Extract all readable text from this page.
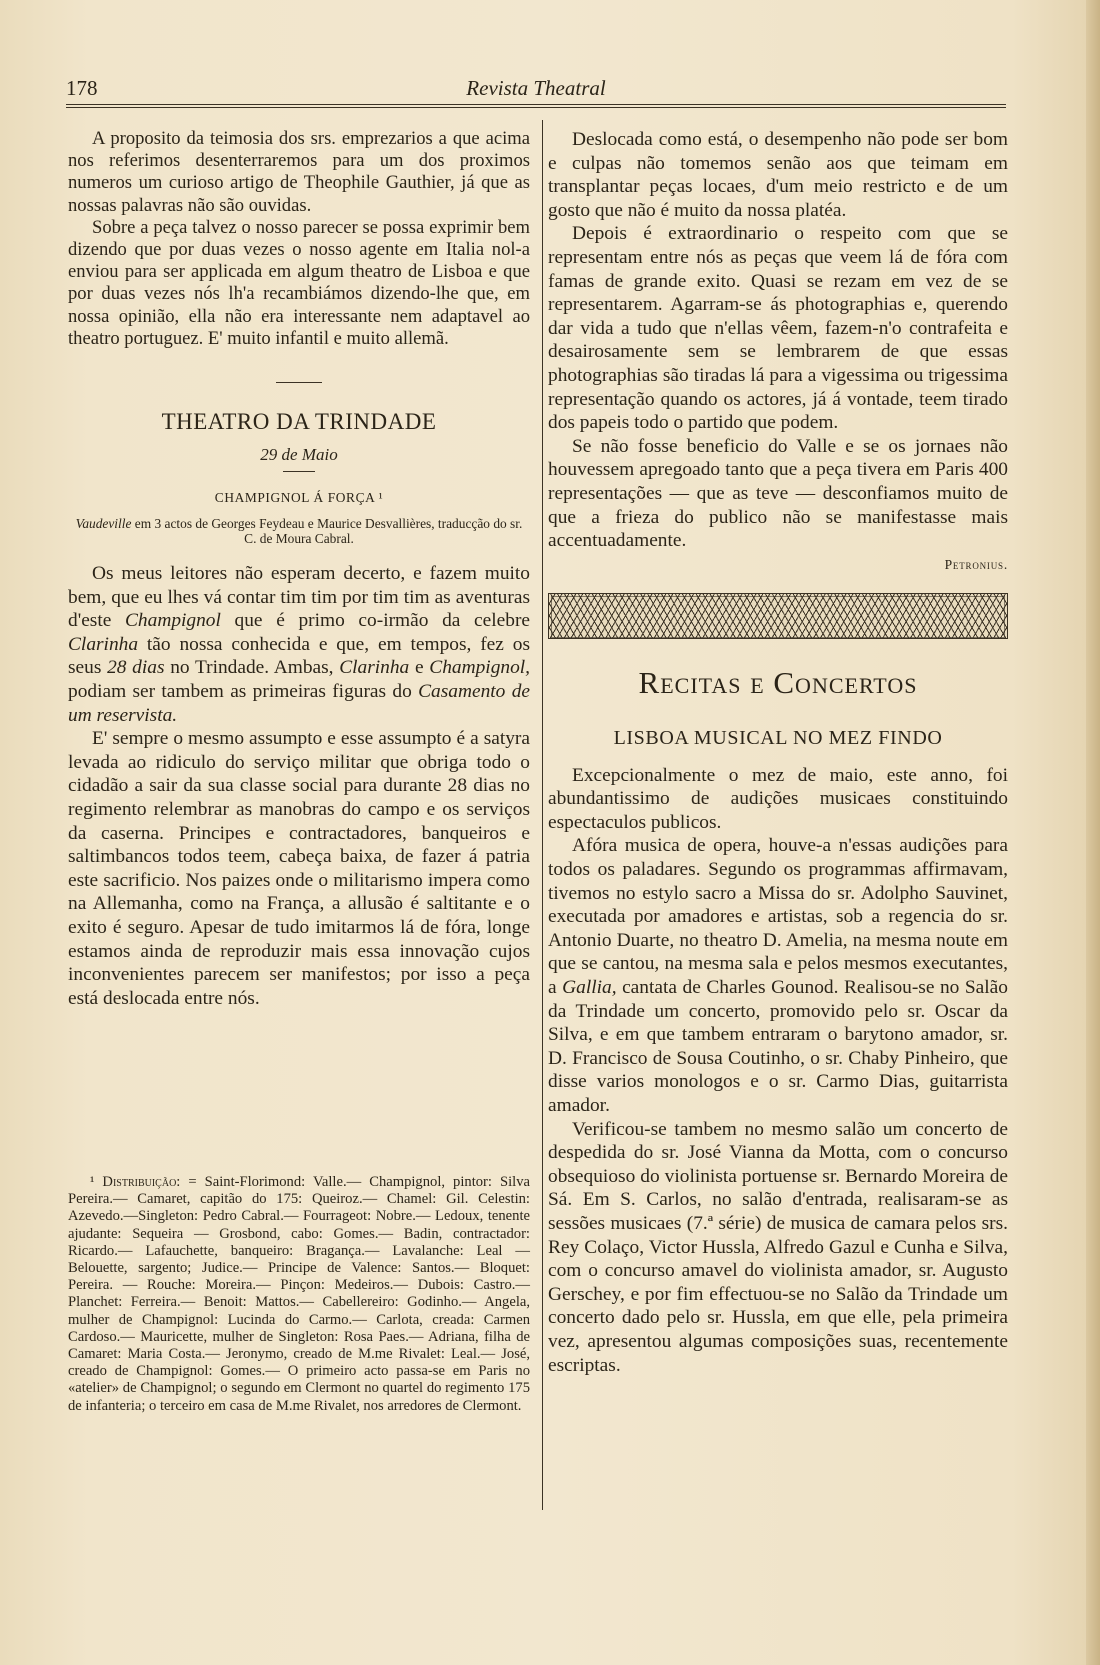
178	Revista Theatral

A proposito da teimosia dos srs. emprezarios a que acima nos referimos desenterraremos para um dos proximos numeros um curioso artigo de Theophile Gauthier, já que as nossas palavras não são ouvidas.

Sobre a peça talvez o nosso parecer se possa exprimir bem dizendo que por duas vezes o nosso agente em Italia nol-a enviou para ser applicada em algum theatro de Lisboa e que por duas vezes nós lh'a recambiámos dizendo-lhe que, em nossa opinião, ella não era interessante nem adaptavel ao theatro portuguez. E' muito infantil e muito allemã.

THEATRO DA TRINDADE
29 de Maio
CHAMPIGNOL Á FORÇA ¹
Vaudeville em 3 actos de Georges Feydeau e Maurice Desvallières, traducção do sr. C. de Moura Cabral.

Os meus leitores não esperam decerto, e fazem muito bem, que eu lhes vá contar tim tim por tim tim as aventuras d'este Champignol que é primo co-irmão da celebre Clarinha tão nossa conhecida e que, em tempos, fez os seus 28 dias no Trindade. Ambas, Clarinha e Champignol, podiam ser tambem as primeiras figuras do Casamento de um reservista.

E' sempre o mesmo assumpto e esse assumpto é a satyra levada ao ridiculo do serviço militar que obriga todo o cidadão a sair da sua classe social para durante 28 dias no regimento relembrar as manobras do campo e os serviços da caserna. Principes e contractadores, banqueiros e saltimbancos todos teem, cabeça baixa, de fazer á patria este sacrificio. Nos paizes onde o militarismo impera como na Allemanha, como na França, a allusão é saltitante e o exito é seguro. Apesar de tudo imitarmos lá de fóra, longe estamos ainda de reproduzir mais essa innovação cujos inconvenientes parecem ser manifestos; por isso a peça está deslocada entre nós.

¹ Distribuição: = Saint-Florimond: Valle.— Champignol, pintor: Silva Pereira.— Camaret, capitão do 175: Queiroz.— Chamel: Gil. Celestin: Azevedo.—Singleton: Pedro Cabral.— Fourrageot: Nobre.— Ledoux, tenente ajudante: Sequeira — Grosbond, cabo: Gomes.— Badin, contractador: Ricardo.— Lafauchette, banqueiro: Bragança.— Lavalanche: Leal — Belouette, sargento; Judice.— Principe de Valence: Santos.— Bloquet: Pereira. — Rouche: Moreira.— Pinçon: Medeiros.— Dubois: Castro.— Planchet: Ferreira.— Benoit: Mattos.— Cabellereiro: Godinho.— Angela, mulher de Champignol: Lucinda do Carmo.— Carlota, creada: Carmen Cardoso.— Mauricette, mulher de Singleton: Rosa Paes.— Adriana, filha de Camaret: Maria Costa.— Jeronymo, creado de M.me Rivalet: Leal.— José, creado de Champignol: Gomes.— O primeiro acto passa-se em Paris no «atelier» de Champignol; o segundo em Clermont no quartel do regimento 175 de infanteria; o terceiro em casa de M.me Rivalet, nos arredores de Clermont.

Deslocada como está, o desempenho não pode ser bom e culpas não tomemos senão aos que teimam em transplantar peças locaes, d'um meio restricto e de um gosto que não é muito da nossa platéa.

Depois é extraordinario o respeito com que se representam entre nós as peças que veem lá de fóra com famas de grande exito. Quasi se rezam em vez de se representarem. Agarram-se ás photographias e, querendo dar vida a tudo que n'ellas vêem, fazem-n'o contrafeita e desairosamente sem se lembrarem de que essas photographias são tiradas lá para a vigessima ou trigessima representação quando os actores, já á vontade, teem tirado dos papeis todo o partido que podem.

Se não fosse beneficio do Valle e se os jornaes não houvessem apregoado tanto que a peça tivera em Paris 400 representações — que as teve — desconfiamos muito de que a frieza do publico não se manifestasse mais accentuadamente.

Petronius.
Recitas e Concertos
LISBOA MUSICAL NO MEZ FINDO

Excepcionalmente o mez de maio, este anno, foi abundantissimo de audições musicaes constituindo espectaculos publicos.

Afóra musica de opera, houve-a n'essas audições para todos os paladares. Segundo os programmas affirmavam, tivemos no estylo sacro a Missa do sr. Adolpho Sauvinet, executada por amadores e artistas, sob a regencia do sr. Antonio Duarte, no theatro D. Amelia, na mesma noute em que se cantou, na mesma sala e pelos mesmos executantes, a Gallia, cantata de Charles Gounod. Realisou-se no Salão da Trindade um concerto, promovido pelo sr. Oscar da Silva, e em que tambem entraram o barytono amador, sr. D. Francisco de Sousa Coutinho, o sr. Chaby Pinheiro, que disse varios monologos e o sr. Carmo Dias, guitarrista amador.

Verificou-se tambem no mesmo salão um concerto de despedida do sr. José Vianna da Motta, com o concurso obsequioso do violinista portuense sr. Bernardo Moreira de Sá. Em S. Carlos, no salão d'entrada, realisaram-se as sessões musicaes (7.ª série) de musica de camara pelos srs. Rey Colaço, Victor Hussla, Alfredo Gazul e Cunha e Silva, com o concurso amavel do violinista amador, sr. Augusto Gerschey, e por fim effectuou-se no Salão da Trindade um concerto dado pelo sr. Hussla, em que elle, pela primeira vez, apresentou algumas composições suas, recentemente escriptas.
